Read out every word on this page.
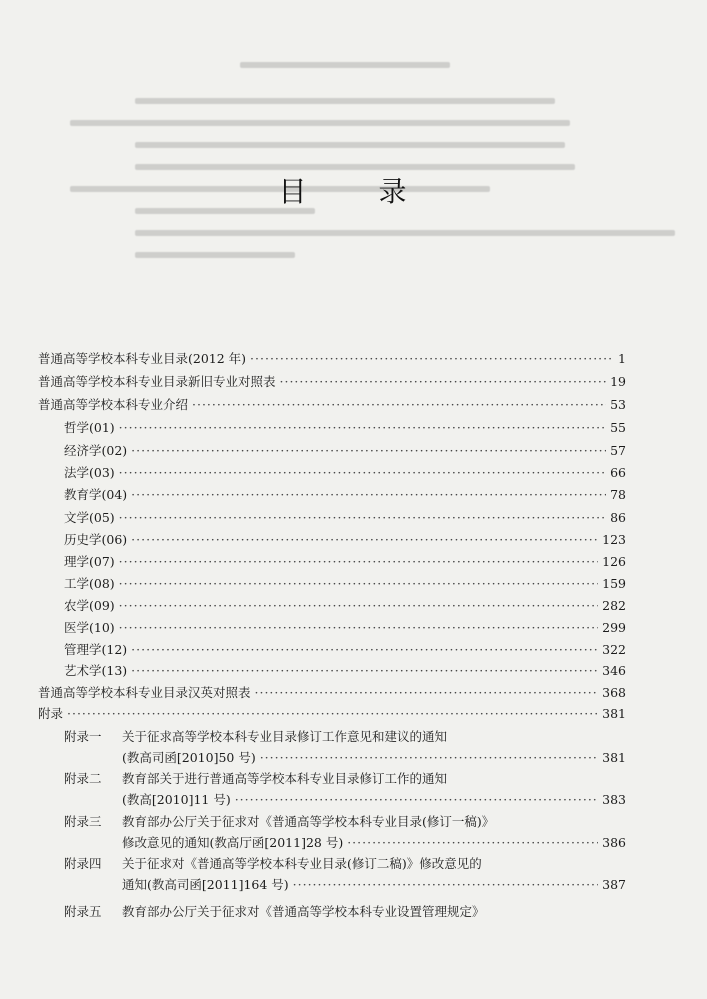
目　录
普通高等学校本科专业目录(2012 年) ·····	1
普通高等学校本科专业目录新旧专业对照表 ·····	19
普通高等学校本科专业介绍 ·····	53
哲学(01) ·····	55
经济学(02) ·····	57
法学(03) ·····	66
教育学(04) ·····	78
文学(05) ·····	86
历史学(06) ·····	123
理学(07) ·····	126
工学(08) ·····	159
农学(09) ·····	282
医学(10) ·····	299
管理学(12) ·····	322
艺术学(13) ·····	346
普通高等学校本科专业目录汉英对照表 ·····	368
附录 ·····	381
附录一 关于征求高等学校本科专业目录修订工作意见和建议的通知
(教高司函[2010]50 号) ·····	381
附录二 教育部关于进行普通高等学校本科专业目录修订工作的通知
(教高[2010]11 号) ·····	383
附录三 教育部办公厅关于征求对《普通高等学校本科专业目录(修订一稿)》
修改意见的通知(教高厅函[2011]28 号) ·····	386
附录四 关于征求对《普通高等学校本科专业目录(修订二稿)》修改意见的
通知(教高司函[2011]164 号) ·····	387
附录五 教育部办公厅关于征求对《普通高等学校本科专业设置管理规定》
